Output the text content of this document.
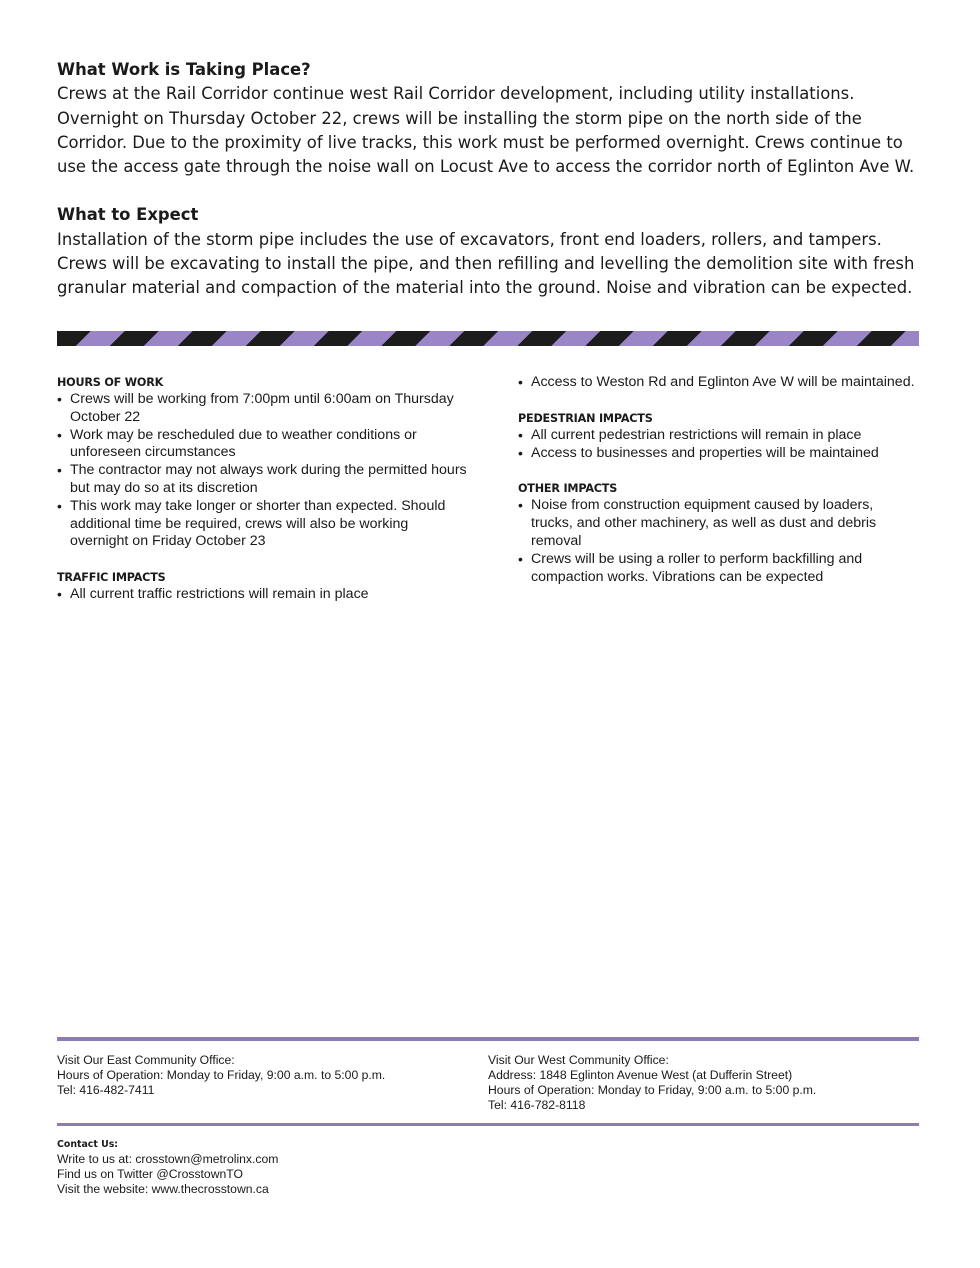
What Work is Taking Place?

Crews at the Rail Corridor continue west Rail Corridor development, including utility installations. Overnight on Thursday October 22, crews will be installing the storm pipe on the north side of the Corridor. Due to the proximity of live tracks, this work must be performed overnight. Crews continue to use the access gate through the noise wall on Locust Ave to access the corridor north of Eglinton Ave W.

What to Expect

Installation of the storm pipe includes the use of excavators, front end loaders, rollers, and tampers. Crews will be excavating to install the pipe, and then refilling and levelling the demolition site with fresh granular material and compaction of the material into the ground. Noise and vibration can be expected.

HOURS OF WORK
• Crews will be working from 7:00pm until 6:00am on Thursday October 22
• Work may be rescheduled due to weather conditions or unforeseen circumstances
• The contractor may not always work during the permitted hours but may do so at its discretion
• This work may take longer or shorter than expected. Should additional time be required, crews will also be working overnight on Friday October 23
TRAFFIC IMPACTS
• All current traffic restrictions will remain in place
• Access to Weston Rd and Eglinton Ave W will be maintained.
PEDESTRIAN IMPACTS
• All current pedestrian restrictions will remain in place
• Access to businesses and properties will be maintained
OTHER IMPACTS
• Noise from construction equipment caused by loaders, trucks, and other machinery, as well as dust and debris removal
• Crews will be using a roller to perform backfilling and compaction works. Vibrations can be expected
Visit Our East Community Office:
Hours of Operation: Monday to Friday, 9:00 a.m. to 5:00 p.m.
Tel: 416-482-7411
Visit Our West Community Office:
Address: 1848 Eglinton Avenue West (at Dufferin Street)
Hours of Operation: Monday to Friday, 9:00 a.m. to 5:00 p.m.
Tel: 416-782-8118
Contact Us:
Write to us at: crosstown@metrolinx.com
Find us on Twitter @CrosstownTO
Visit the website: www.thecrosstown.ca
